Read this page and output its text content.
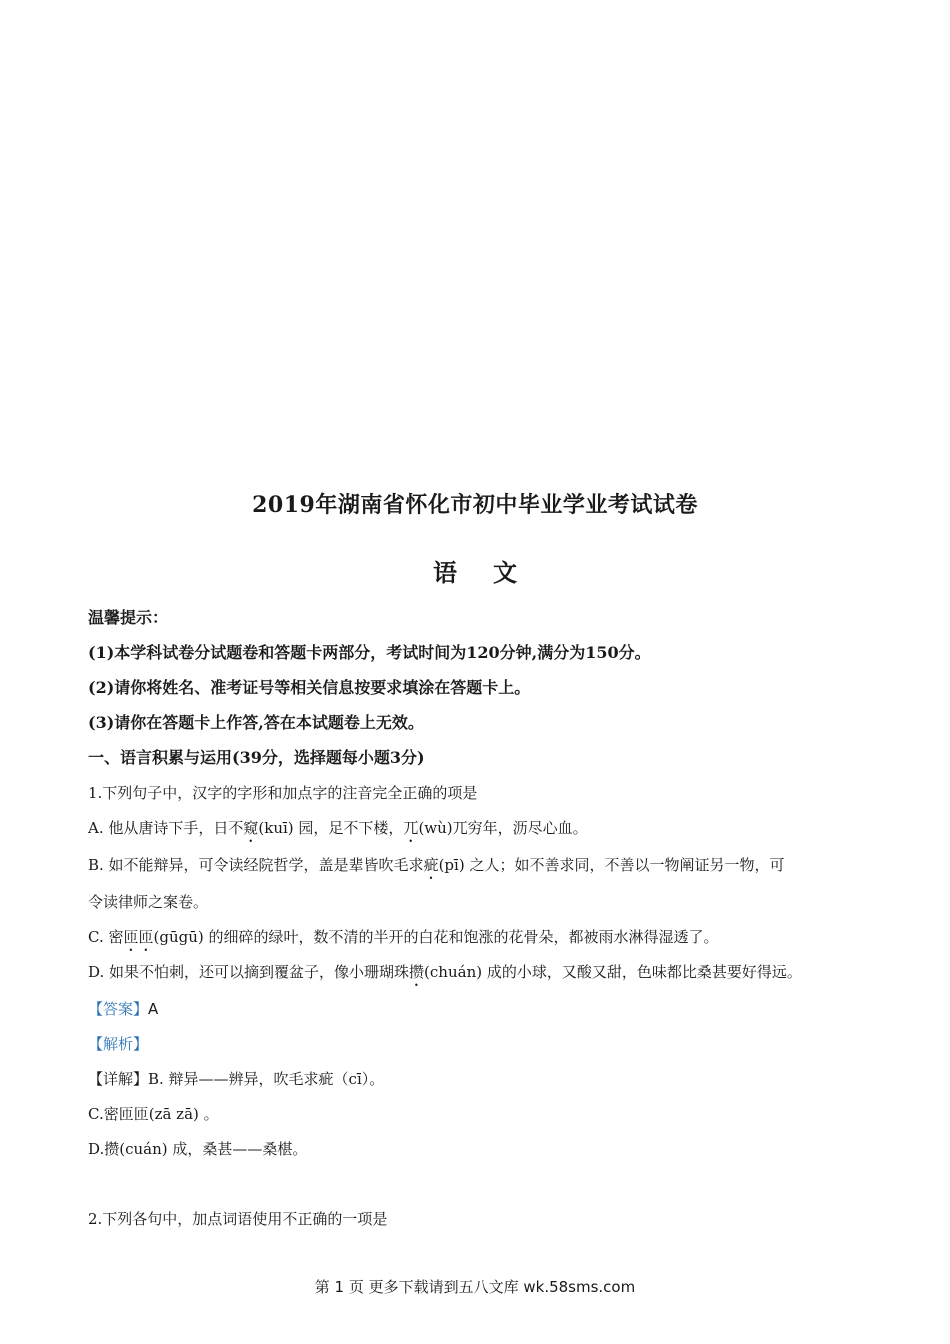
2019年湖南省怀化市初中毕业学业考试试卷
语文
温馨提示：
(1)本学科试卷分试题卷和答题卡两部分，考试时间为120分钟,满分为150分。
(2)请你将姓名、准考证号等相关信息按要求填涂在答题卡上。
(3)请你在答题卡上作答,答在本试题卷上无效。
一、语言积累与运用(39分，选择题每小题3分)
1.下列句子中，汉字的字形和加点字的注音完全正确的项是
A. 他从唐诗下手，日不窥(kuī) 园，足不下楼，兀(wù)兀穷年，沥尽心血。
B. 如不能辩异，可令读经院哲学，盖是辈皆吹毛求疵(pī) 之人；如不善求同，不善以一物阐证另一物，可
令读律师之案卷。
C. 密匝匝(gūgū) 的细碎的绿叶，数不清的半开的白花和饱涨的花骨朵，都被雨水淋得湿透了。
D. 如果不怕刺，还可以摘到覆盆子，像小珊瑚珠攒(chuán) 成的小球，又酸又甜，色味都比桑甚要好得远。
【答案】A
【解析】
【详解】B. 辩异——辨异，吹毛求疵（cī）。
C.密匝匝(zā zā) 。
D.攒(cuán) 成，桑甚——桑椹。
2.下列各句中，加点词语使用不正确的一项是
第 1 页 更多下载请到五八文库 wk.58sms.com
